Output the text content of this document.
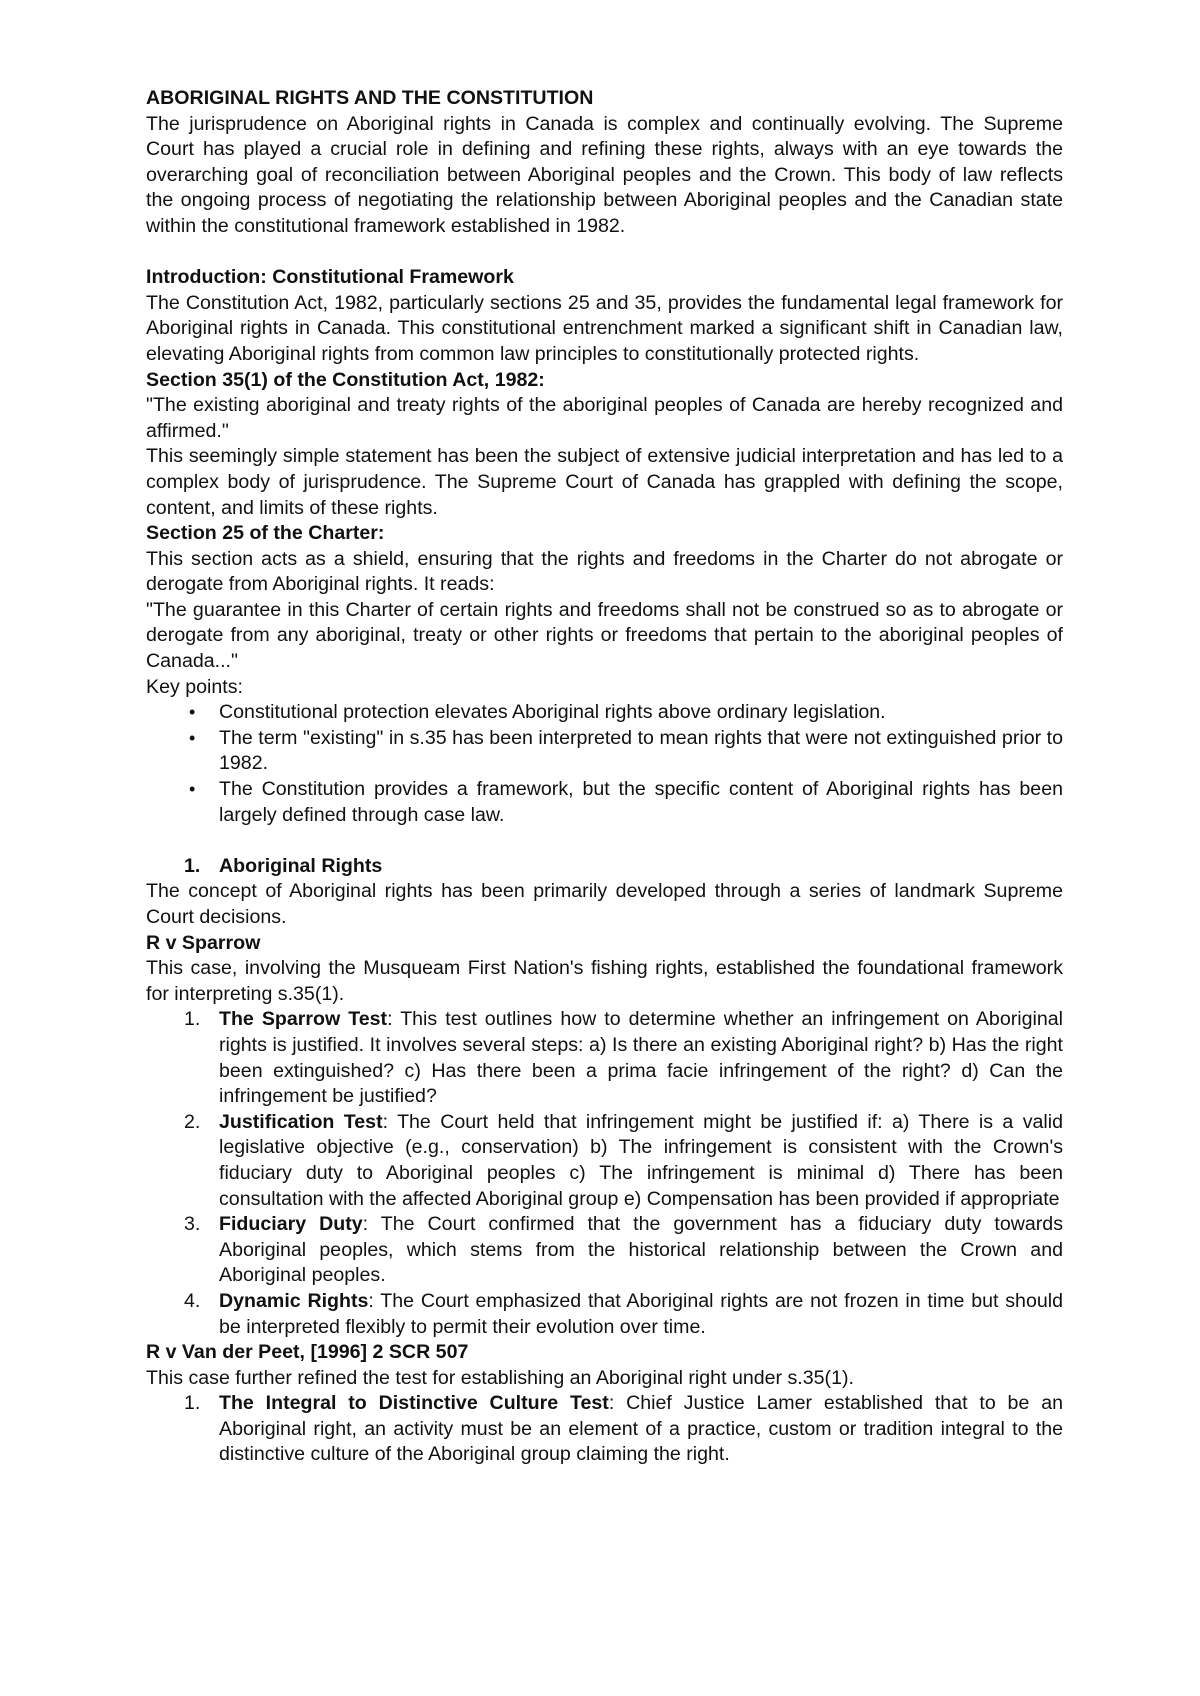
ABORIGINAL RIGHTS AND THE CONSTITUTION

The jurisprudence on Aboriginal rights in Canada is complex and continually evolving. The Supreme Court has played a crucial role in defining and refining these rights, always with an eye towards the overarching goal of reconciliation between Aboriginal peoples and the Crown. This body of law reflects the ongoing process of negotiating the relationship between Aboriginal peoples and the Canadian state within the constitutional framework established in 1982.

Introduction: Constitutional Framework

The Constitution Act, 1982, particularly sections 25 and 35, provides the fundamental legal framework for Aboriginal rights in Canada. This constitutional entrenchment marked a significant shift in Canadian law, elevating Aboriginal rights from common law principles to constitutionally protected rights.

Section 35(1) of the Constitution Act, 1982:

"The existing aboriginal and treaty rights of the aboriginal peoples of Canada are hereby recognized and affirmed."

This seemingly simple statement has been the subject of extensive judicial interpretation and has led to a complex body of jurisprudence. The Supreme Court of Canada has grappled with defining the scope, content, and limits of these rights.

Section 25 of the Charter:

This section acts as a shield, ensuring that the rights and freedoms in the Charter do not abrogate or derogate from Aboriginal rights. It reads:

"The guarantee in this Charter of certain rights and freedoms shall not be construed so as to abrogate or derogate from any aboriginal, treaty or other rights or freedoms that pertain to the aboriginal peoples of Canada..."

Key points:

• Constitutional protection elevates Aboriginal rights above ordinary legislation.
• The term "existing" in s.35 has been interpreted to mean rights that were not extinguished prior to 1982.
• The Constitution provides a framework, but the specific content of Aboriginal rights has been largely defined through case law.
1. Aboriginal Rights

The concept of Aboriginal rights has been primarily developed through a series of landmark Supreme Court decisions.

R v Sparrow

This case, involving the Musqueam First Nation's fishing rights, established the foundational framework for interpreting s.35(1).

1. The Sparrow Test: This test outlines how to determine whether an infringement on Aboriginal rights is justified. It involves several steps: a) Is there an existing Aboriginal right? b) Has the right been extinguished? c) Has there been a prima facie infringement of the right? d) Can the infringement be justified?
2. Justification Test: The Court held that infringement might be justified if: a) There is a valid legislative objective (e.g., conservation) b) The infringement is consistent with the Crown's fiduciary duty to Aboriginal peoples c) The infringement is minimal d) There has been consultation with the affected Aboriginal group e) Compensation has been provided if appropriate
3. Fiduciary Duty: The Court confirmed that the government has a fiduciary duty towards Aboriginal peoples, which stems from the historical relationship between the Crown and Aboriginal peoples.
4. Dynamic Rights: The Court emphasized that Aboriginal rights are not frozen in time but should be interpreted flexibly to permit their evolution over time.

R v Van der Peet, [1996] 2 SCR 507

This case further refined the test for establishing an Aboriginal right under s.35(1).

1. The Integral to Distinctive Culture Test: Chief Justice Lamer established that to be an Aboriginal right, an activity must be an element of a practice, custom or tradition integral to the distinctive culture of the Aboriginal group claiming the right.
